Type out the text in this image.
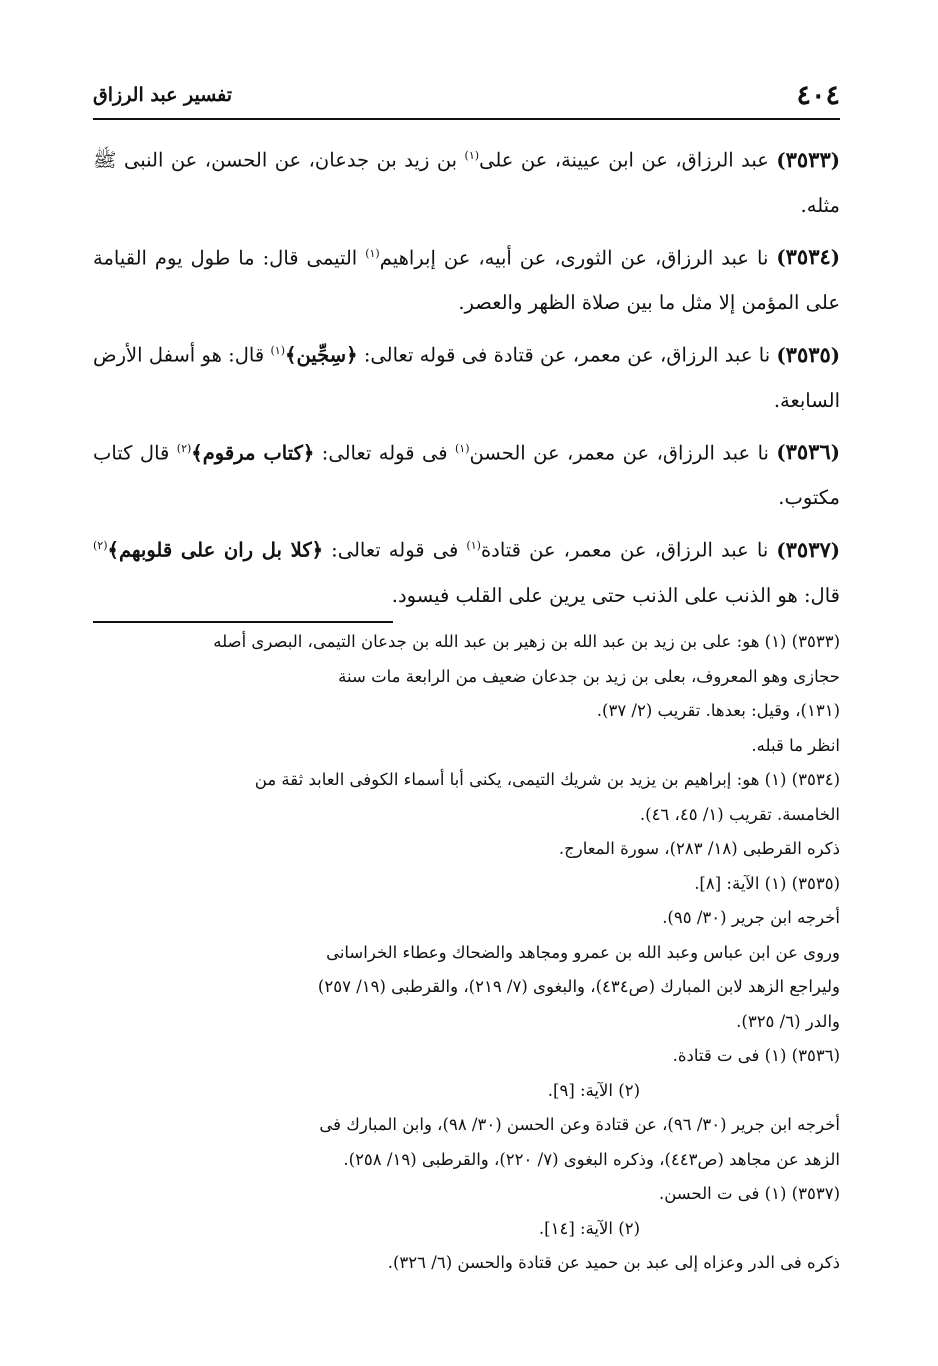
٤٠٤
تفسير عبد الرزاق

(٣٥٣٣) عبد الرزاق، عن ابن عيينة، عن على$^{(١)}$ بن زيد بن جدعان، عن الحسن، عن النبى ﷺ مثله.

(٣٥٣٤) نا عبد الرزاق، عن الثورى، عن أبيه، عن إبراهيم$^{(١)}$ التيمى قال: ما طول يوم القيامة على المؤمن إلا مثل ما بين صلاة الظهر والعصر.

(٣٥٣٥) نا عبد الرزاق، عن معمر، عن قتادة فى قوله تعالى: ﴿سِجِّين﴾$^{(١)}$ قال: هو أسفل الأرض السابعة.

(٣٥٣٦) نا عبد الرزاق، عن معمر، عن الحسن$^{(١)}$ فى قوله تعالى: ﴿كتاب مرقوم﴾$^{(٢)}$ قال كتاب مكتوب.

(٣٥٣٧) نا عبد الرزاق، عن معمر، عن قتادة$^{(١)}$ فى قوله تعالى: ﴿كلا بل ران على قلوبهم﴾$^{(٢)}$ قال: هو الذنب على الذنب حتى يرين على القلب فيسود.

(٣٥٣٣) (١) هو: على بن زيد بن عبد الله بن زهير بن عبد الله بن جدعان التيمى، البصرى أصله

حجازى وهو المعروف، بعلى بن زيد بن جدعان ضعيف من الرابعة مات سنة

(١٣١)، وقيل: بعدها. تقريب (٢/ ٣٧).

انظر ما قبله.

(٣٥٣٤) (١) هو: إبراهيم بن يزيد بن شريك التيمى، يكنى أبا أسماء الكوفى العابد ثقة من

الخامسة. تقريب (١/ ٤٥، ٤٦).

ذكره القرطبى (١٨/ ٢٨٣)، سورة المعارج.

(٣٥٣٥) (١) الآية: [٨].

أخرجه ابن جرير (٣٠/ ٩٥).

وروى عن ابن عباس وعبد الله بن عمرو ومجاهد والضحاك وعطاء الخراسانى

وليراجع الزهد لابن المبارك (ص٤٣٤)، والبغوى (٧/ ٢١٩)، والقرطبى (١٩/ ٢٥٧)

والدر (٦/ ٣٢٥).

(٣٥٣٦) (١) فى ت قتادة.

(٢) الآية: [٩].

أخرجه ابن جرير (٣٠/ ٩٦)، عن قتادة وعن الحسن (٣٠/ ٩٨)، وابن المبارك فى

الزهد عن مجاهد (ص٤٤٣)، وذكره البغوى (٧/ ٢٢٠)، والقرطبى (١٩/ ٢٥٨).

(٣٥٣٧) (١) فى ت الحسن.

(٢) الآية: [١٤].

ذكره فى الدر وعزاه إلى عبد بن حميد عن قتادة والحسن (٦/ ٣٢٦).
